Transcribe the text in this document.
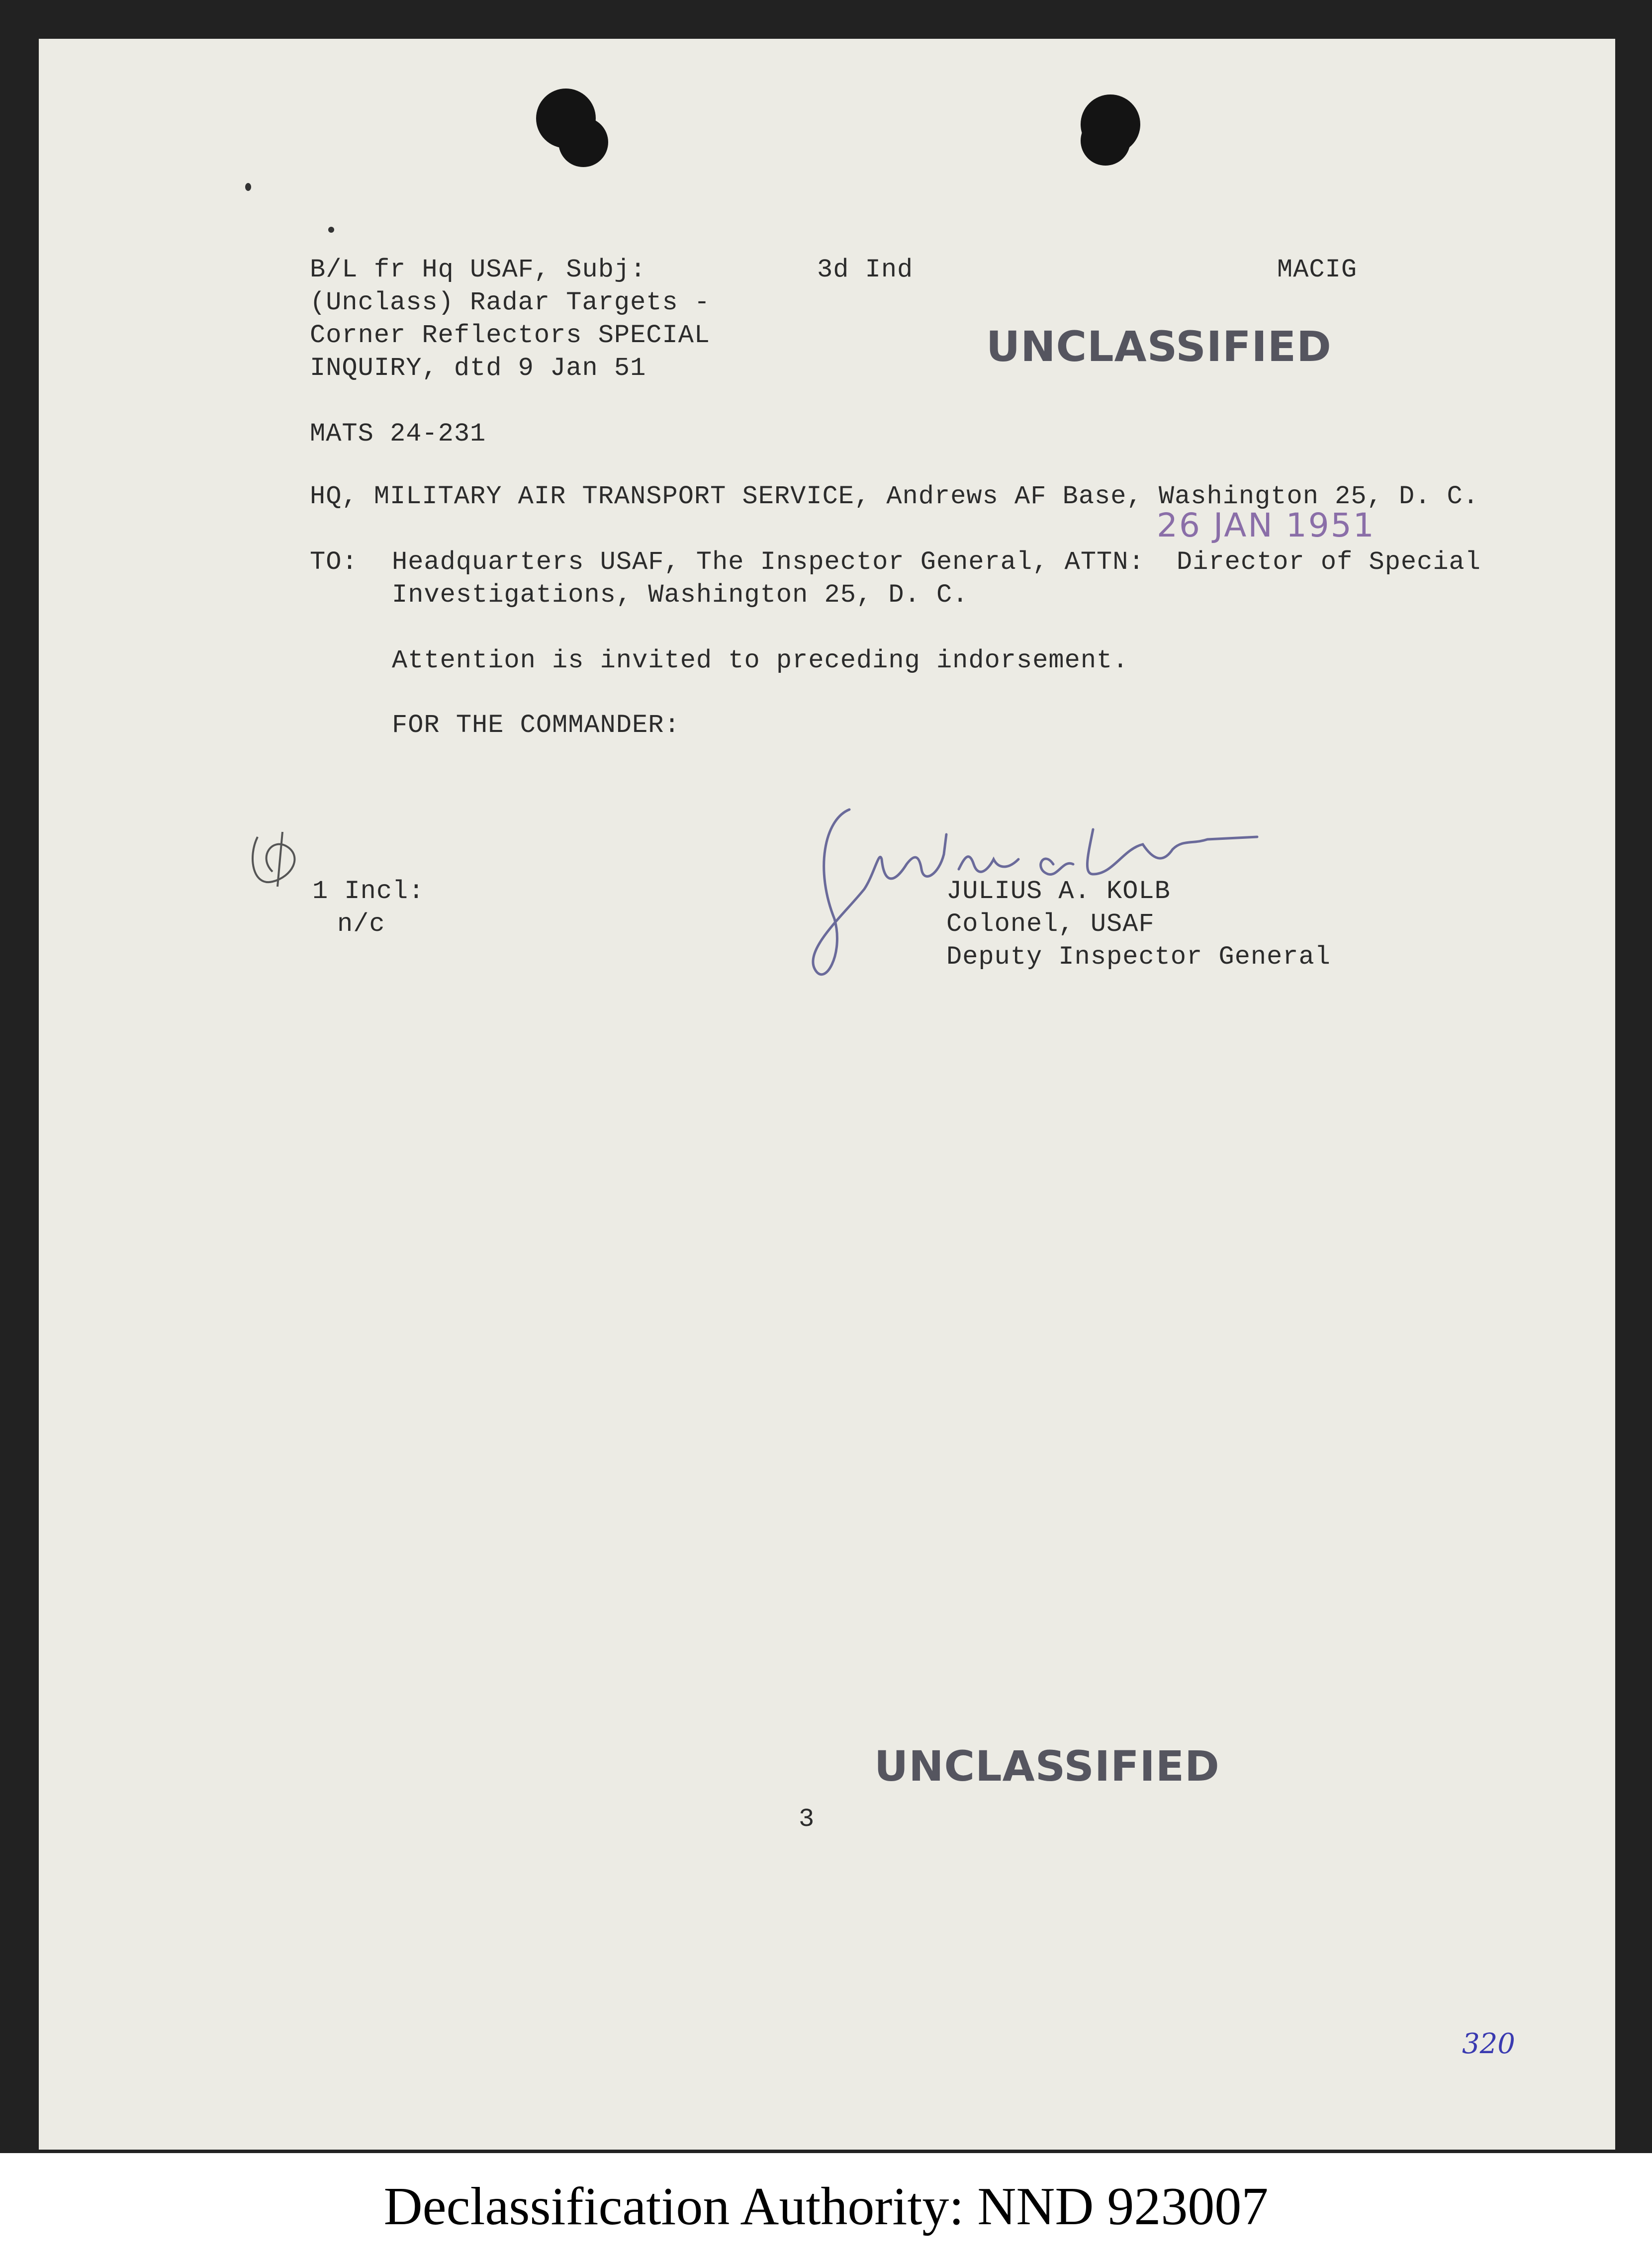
B/L fr Hq USAF, Subj:
(Unclass) Radar Targets -
Corner Reflectors SPECIAL
INQUIRY, dtd 9 Jan 51
3d Ind	MACIG
UNCLASSIFIED
MATS 24-231
HQ, MILITARY AIR TRANSPORT SERVICE, Andrews AF Base, Washington 25, D. C.
26 JAN 1951
TO: Headquarters USAF, The Inspector General, ATTN:  Director of Special
Investigations, Washington 25, D. C.
Attention is invited to preceding indorsement.
FOR THE COMMANDER:
1 Incl:
n/c
JULIUS A. KOLB
Colonel, USAF
Deputy Inspector General
UNCLASSIFIED
3
320
Declassification Authority: NND 923007
